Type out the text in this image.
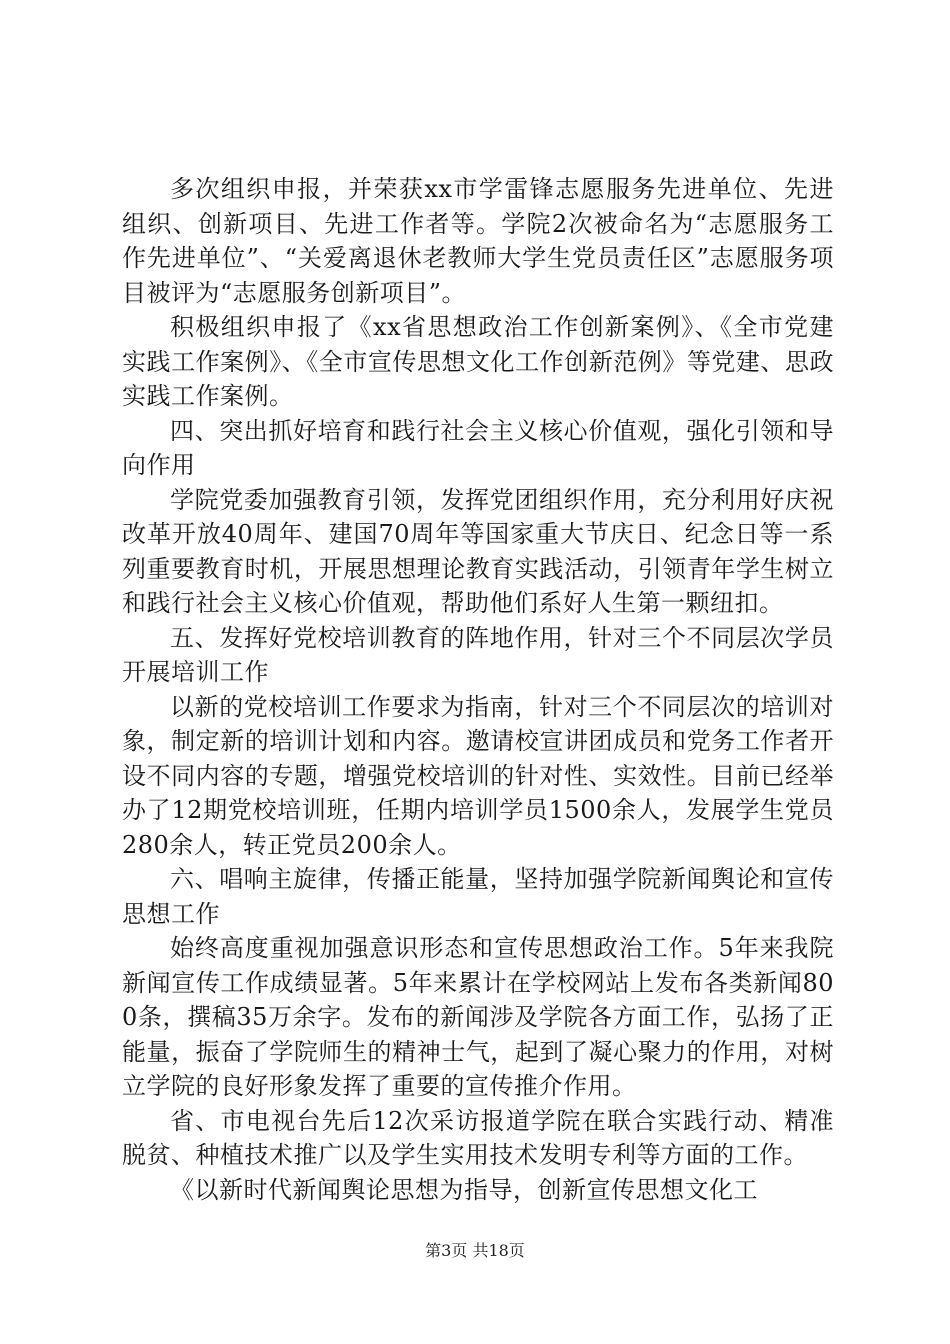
多次组织申报，并荣获xx市学雷锋志愿服务先进单位、先进组织、创新项目、先进工作者等。学院2次被命名为“志愿服务工作先进单位”、“关爱离退休老教师大学生党员责任区”志愿服务项目被评为“志愿服务创新项目”。

积极组织申报了《xx省思想政治工作创新案例》、《全市党建实践工作案例》、《全市宣传思想文化工作创新范例》等党建、思政实践工作案例。

四、突出抓好培育和践行社会主义核心价值观，强化引领和导向作用

学院党委加强教育引领，发挥党团组织作用，充分利用好庆祝改革开放40周年、建国70周年等国家重大节庆日、纪念日等一系列重要教育时机，开展思想理论教育实践活动，引领青年学生树立和践行社会主义核心价值观，帮助他们系好人生第一颗纽扣。

五、发挥好党校培训教育的阵地作用，针对三个不同层次学员开展培训工作

以新的党校培训工作要求为指南，针对三个不同层次的培训对象，制定新的培训计划和内容。邀请校宣讲团成员和党务工作者开设不同内容的专题，增强党校培训的针对性、实效性。目前已经举办了12期党校培训班，任期内培训学员1500余人，发展学生党员280余人，转正党员200余人。

六、唱响主旋律，传播正能量，坚持加强学院新闻舆论和宣传思想工作

始终高度重视加强意识形态和宣传思想政治工作。5年来我院新闻宣传工作成绩显著。5年来累计在学校网站上发布各类新闻800条，撰稿35万余字。发布的新闻涉及学院各方面工作，弘扬了正能量，振奋了学院师生的精神士气，起到了凝心聚力的作用，对树立学院的良好形象发挥了重要的宣传推介作用。

省、市电视台先后12次采访报道学院在联合实践行动、精准脱贫、种植技术推广以及学生实用技术发明专利等方面的工作。

《以新时代新闻舆论思想为指导，创新宣传思想文化工

第3页 共18页
